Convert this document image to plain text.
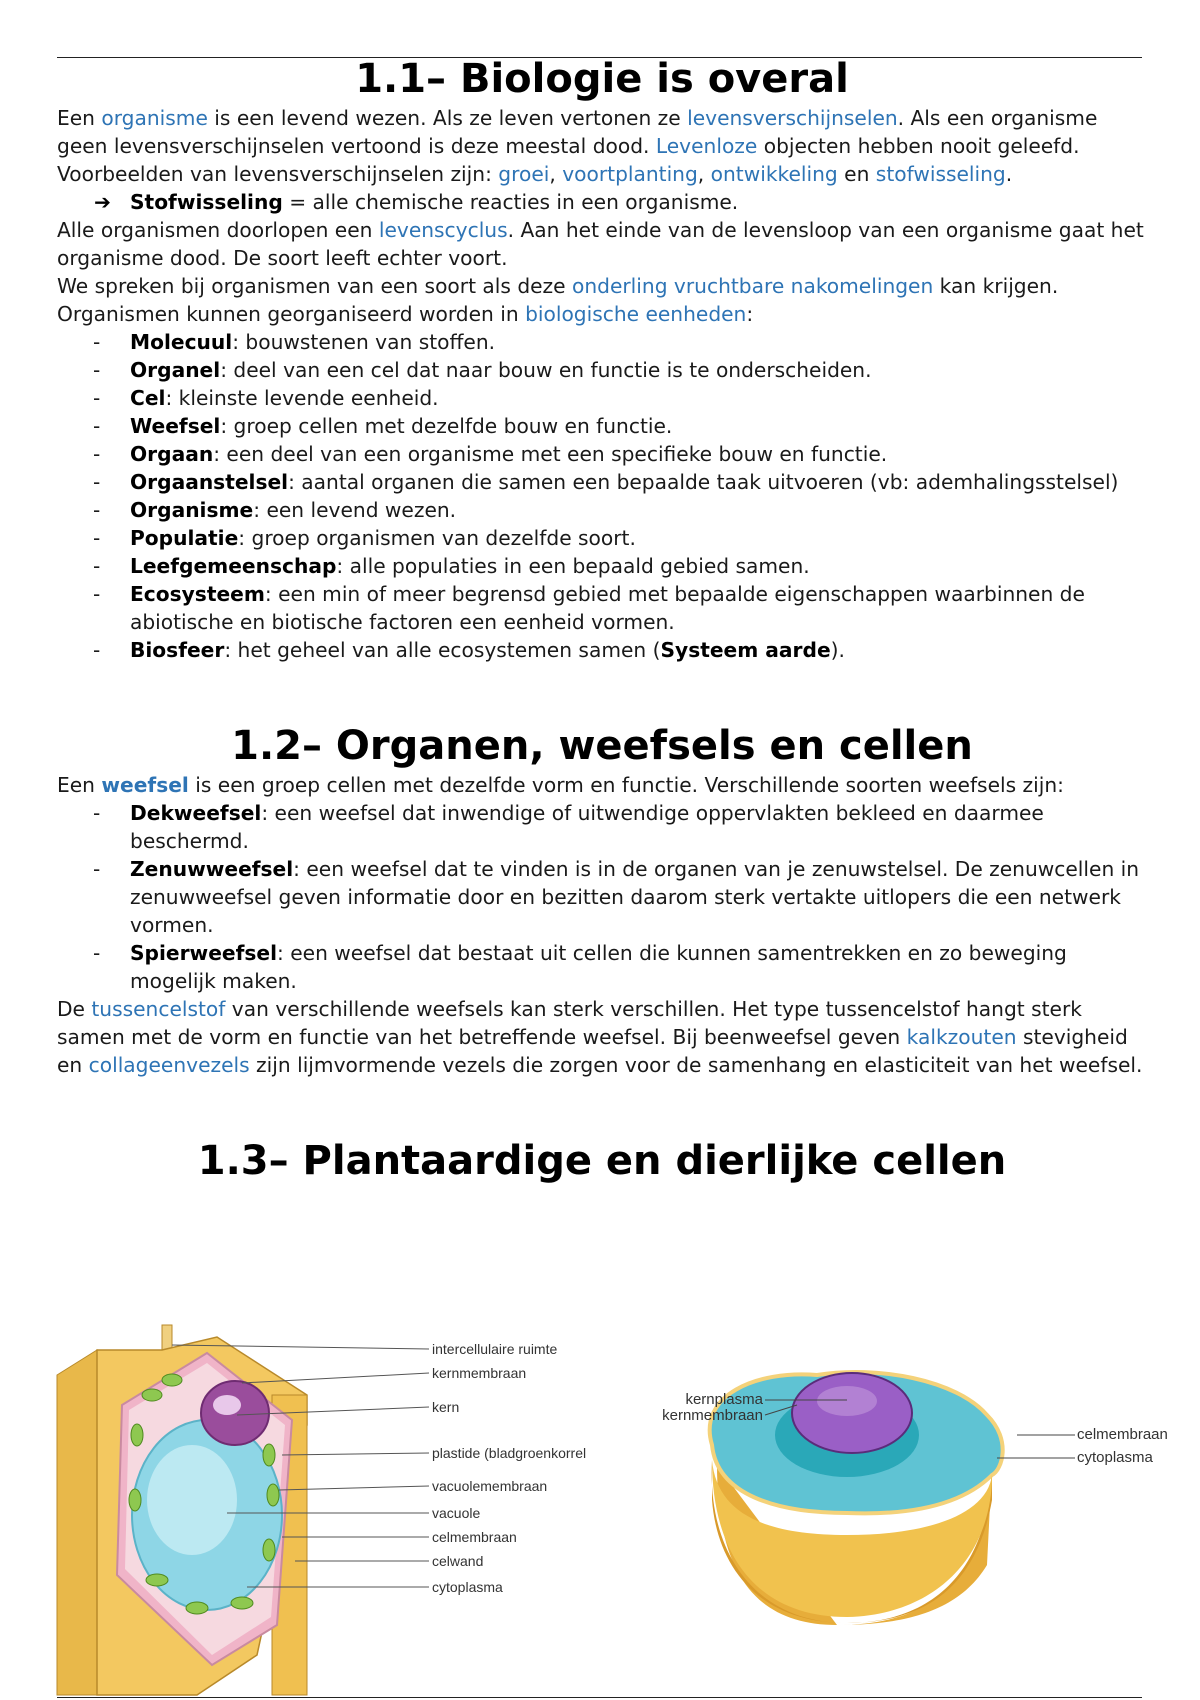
1.1– Biologie is overal

Een organisme is een levend wezen. Als ze leven vertonen ze levensverschijnselen. Als een organisme geen levensverschijnselen vertoond is deze meestal dood. Levenloze objecten hebben nooit geleefd. Voorbeelden van levensverschijnselen zijn: groei, voortplanting, ontwikkeling en stofwisseling.

➔ Stofwisseling = alle chemische reacties in een organisme.

Alle organismen doorlopen een levenscyclus. Aan het einde van de levensloop van een organisme gaat het organisme dood. De soort leeft echter voort.

We spreken bij organismen van een soort als deze onderling vruchtbare nakomelingen kan krijgen.

Organismen kunnen georganiseerd worden in biologische eenheden:

- Molecuul: bouwstenen van stoffen.
- Organel: deel van een cel dat naar bouw en functie is te onderscheiden.
- Cel: kleinste levende eenheid.
- Weefsel: groep cellen met dezelfde bouw en functie.
- Orgaan: een deel van een organisme met een specifieke bouw en functie.
- Orgaanstelsel: aantal organen die samen een bepaalde taak uitvoeren (vb: ademhalingsstelsel)
- Organisme: een levend wezen.
- Populatie: groep organismen van dezelfde soort.
- Leefgemeenschap: alle populaties in een bepaald gebied samen.
- Ecosysteem: een min of meer begrensd gebied met bepaalde eigenschappen waarbinnen de abiotische en biotische factoren een eenheid vormen.
- Biosfeer: het geheel van alle ecosystemen samen (Systeem aarde).
1.2– Organen, weefsels en cellen

Een weefsel is een groep cellen met dezelfde vorm en functie. Verschillende soorten weefsels zijn:

- Dekweefsel: een weefsel dat inwendige of uitwendige oppervlakten bekleed en daarmee beschermd.
- Zenuwweefsel: een weefsel dat te vinden is in de organen van je zenuwstelsel. De zenuwcellen in zenuwweefsel geven informatie door en bezitten daarom sterk vertakte uitlopers die een netwerk vormen.
- Spierweefsel: een weefsel dat bestaat uit cellen die kunnen samentrekken en zo beweging mogelijk maken.

De tussencelstof van verschillende weefsels kan sterk verschillen. Het type tussencelstof hangt sterk samen met de vorm en functie van het betreffende weefsel. Bij beenweefsel geven kalkzouten stevigheid en collageenvezels zijn lijmvormende vezels die zorgen voor de samenhang en elasticiteit van het weefsel.

1.3– Plantaardige en dierlijke cellen
intercellulaire ruimte
kernmembraan
kern
plastide (bladgroenkorrel
vacuolemembraan
vacuole
celmembraan
celwand
cytoplasma
kernplasma
kernmembraan
celmembraan
cytoplasma
